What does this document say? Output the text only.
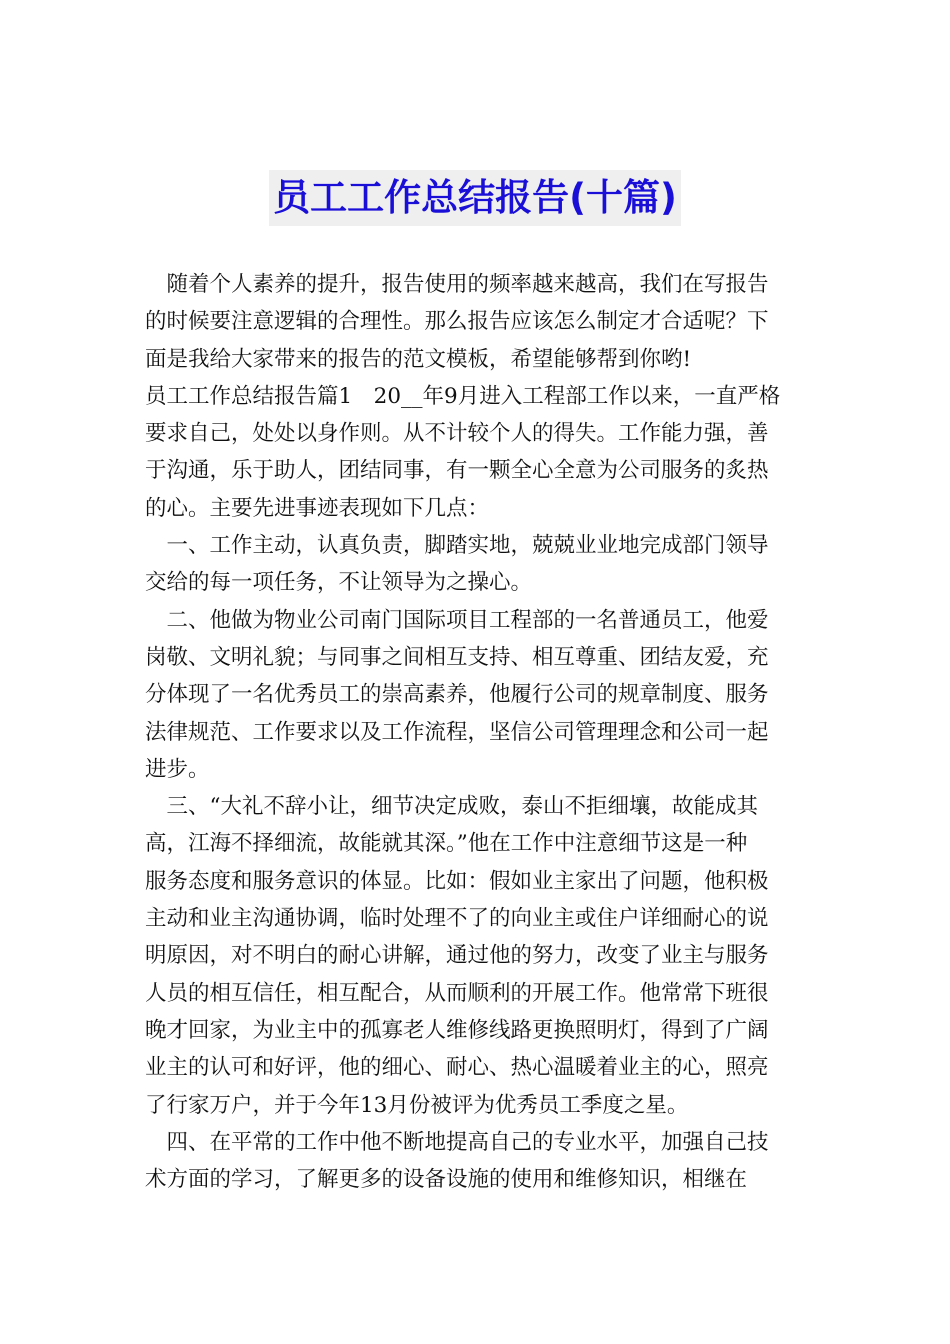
员工工作总结报告(十篇)
　随着个人素养的提升，报告使用的频率越来越高，我们在写报告
的时候要注意逻辑的合理性。那么报告应该怎么制定才合适呢？下
面是我给大家带来的报告的范文模板，希望能够帮到你哟!
员工工作总结报告篇1　20__年9月进入工程部工作以来，一直严格
要求自己，处处以身作则。从不计较个人的得失。工作能力强，善
于沟通，乐于助人，团结同事，有一颗全心全意为公司服务的炙热
的心。主要先进事迹表现如下几点：
　一、工作主动，认真负责，脚踏实地，兢兢业业地完成部门领导
交给的每一项任务，不让领导为之操心。
　二、他做为物业公司南门国际项目工程部的一名普通员工，他爱
岗敬、文明礼貌；与同事之间相互支持、相互尊重、团结友爱，充
分体现了一名优秀员工的崇高素养，他履行公司的规章制度、服务
法律规范、工作要求以及工作流程，坚信公司管理理念和公司一起
进步。
　三、“大礼不辞小让，细节决定成败，泰山不拒细壤，故能成其
高，江海不择细流，故能就其深。”他在工作中注意细节这是一种
服务态度和服务意识的体显。比如：假如业主家出了问题，他积极
主动和业主沟通协调，临时处理不了的向业主或住户详细耐心的说
明原因，对不明白的耐心讲解，通过他的努力，改变了业主与服务
人员的相互信任，相互配合，从而顺利的开展工作。他常常下班很
晚才回家，为业主中的孤寡老人维修线路更换照明灯，得到了广阔
业主的认可和好评，他的细心、耐心、热心温暖着业主的心，照亮
了行家万户，并于今年13月份被评为优秀员工季度之星。
　四、在平常的工作中他不断地提高自己的专业水平，加强自己技
术方面的学习，了解更多的设备设施的使用和维修知识，相继在
